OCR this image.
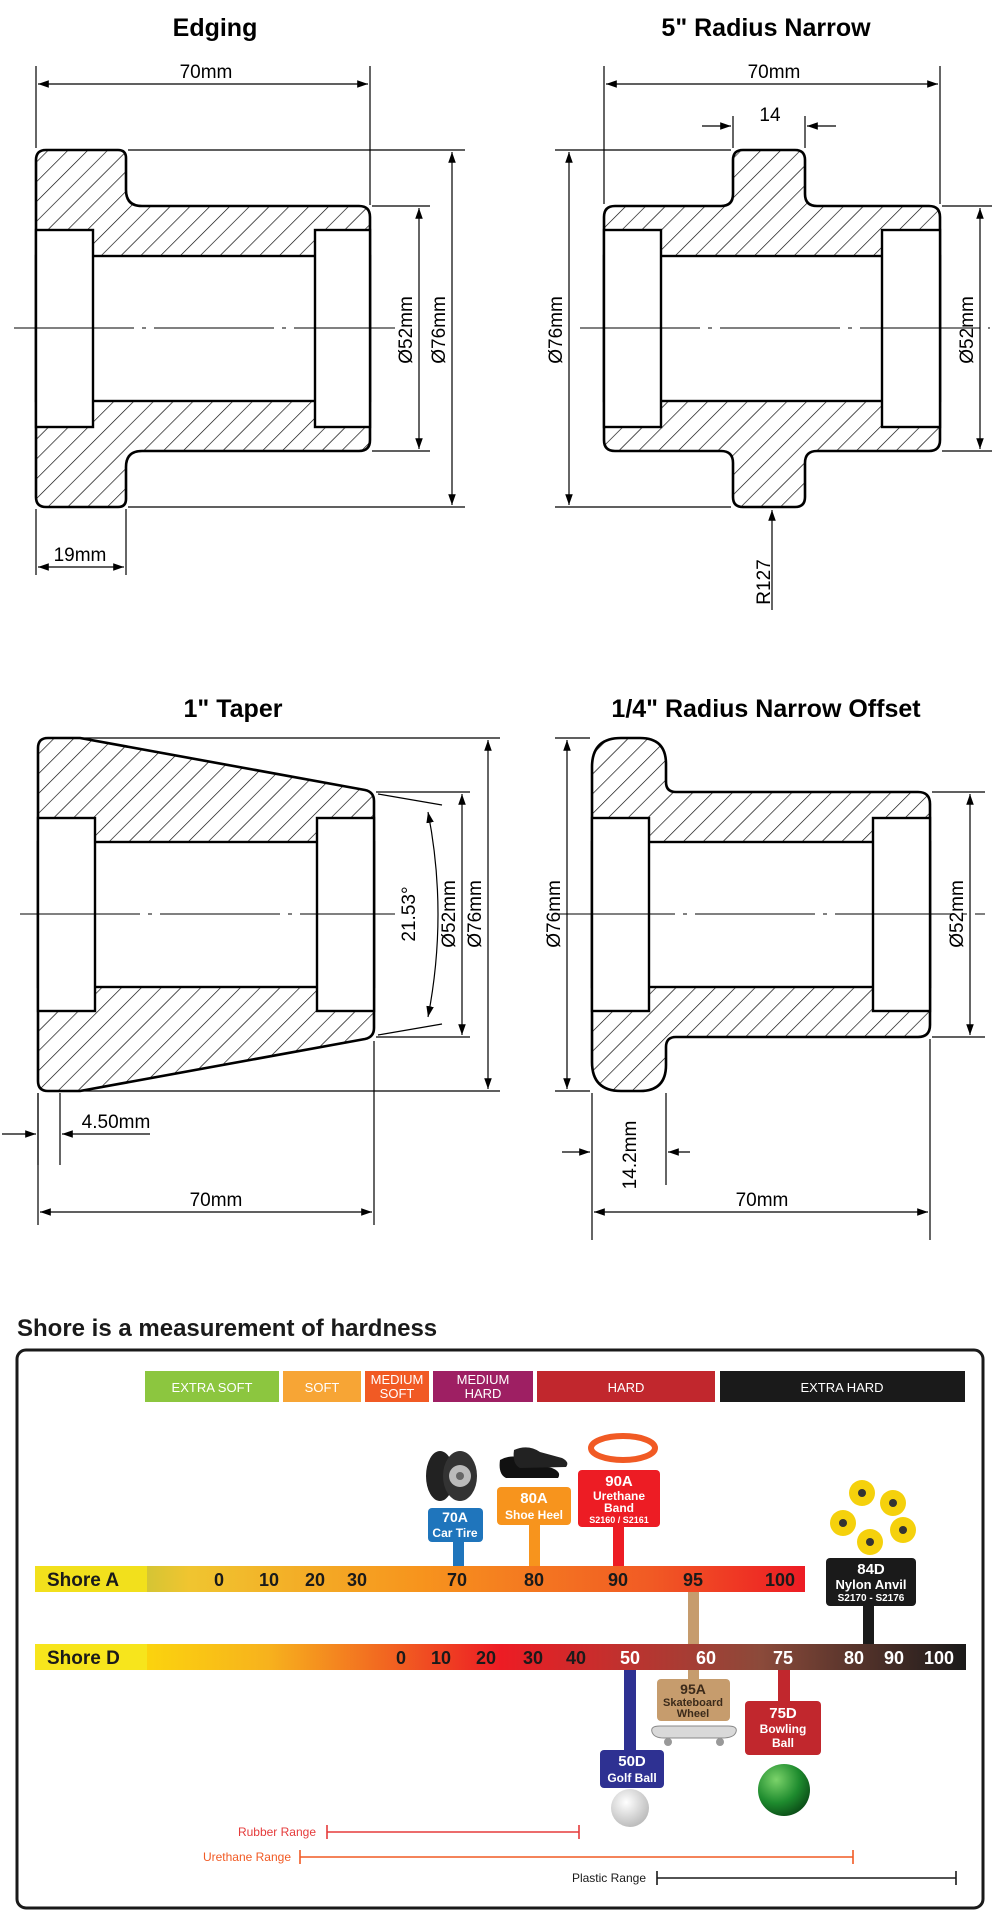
Edging
70mm
Ø52mm Ø76mm
19mm
5" Radius Narrow
70mm
14
Ø76mm	Ø52mm
R127
1" Taper
21.53° Ø52mm Ø76mm
4.50mm
70mm
1/4" Radius Narrow Offset
Ø76mm	Ø52mm
14.2mm
70mm
Shore is a measurement of hardness
EXTRA SOFT	SOFT
MEDIUM
SOFT
MEDIUM
HARD	HARD	EXTRA HARD
Shore A	0 10 20 30	70	80	90	95	100
Shore D	0 10 20 30 40 50	60	75	80 90 100
70A
Car Tire
80A
Shoe Heel
90A
Urethane
Band
S2160 / S2161
84D
Nylon Anvil
S2170 - S2176
95A
Skateboard
Wheel
50D
Golf Ball
75D
Bowling
Ball
Rubber Range
Urethane Range
Plastic Range
